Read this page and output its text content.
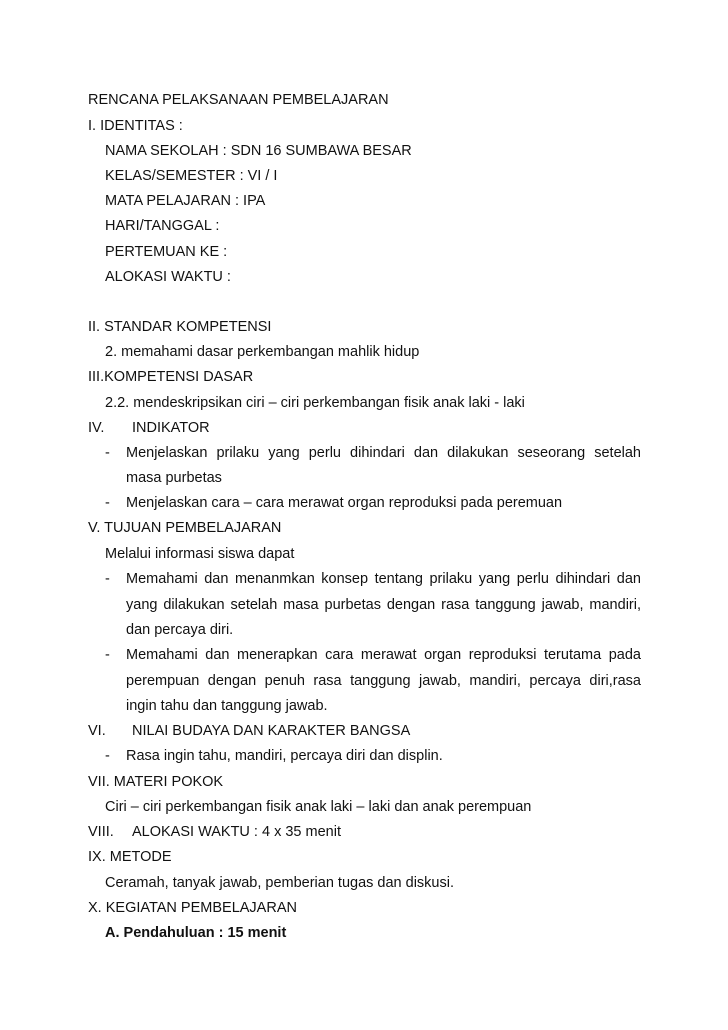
RENCANA PELAKSANAAN PEMBELAJARAN
I. IDENTITAS :
NAMA SEKOLAH : SDN 16 SUMBAWA BESAR
KELAS/SEMESTER : VI / I
MATA PELAJARAN : IPA
HARI/TANGGAL :
PERTEMUAN KE :
ALOKASI WAKTU :
II. STANDAR KOMPETENSI
2. memahami dasar perkembangan mahlik hidup
III.KOMPETENSI DASAR
2.2. mendeskripsikan ciri – ciri perkembangan fisik anak laki - laki
IV. INDIKATOR
- Menjelaskan prilaku yang perlu dihindari dan dilakukan seseorang setelah
masa purbetas
- Menjelaskan cara – cara merawat organ reproduksi pada peremuan
V. TUJUAN PEMBELAJARAN
Melalui informasi siswa dapat
- Memahami dan menanmkan konsep tentang prilaku yang perlu dihindari dan
yang dilakukan setelah masa purbetas dengan rasa tanggung jawab, mandiri,
dan percaya diri.
- Memahami dan menerapkan cara merawat organ reproduksi terutama pada
perempuan dengan penuh rasa tanggung jawab, mandiri, percaya diri,rasa
ingin tahu dan tanggung jawab.
VI. NILAI BUDAYA DAN KARAKTER BANGSA
- Rasa ingin tahu, mandiri, percaya diri dan displin.
VII. MATERI POKOK
Ciri – ciri perkembangan fisik anak laki – laki dan anak perempuan
VIII. ALOKASI WAKTU : 4 x 35 menit
IX. METODE
Ceramah, tanyak jawab, pemberian tugas dan diskusi.
X. KEGIATAN PEMBELAJARAN
A. Pendahuluan : 15 menit
